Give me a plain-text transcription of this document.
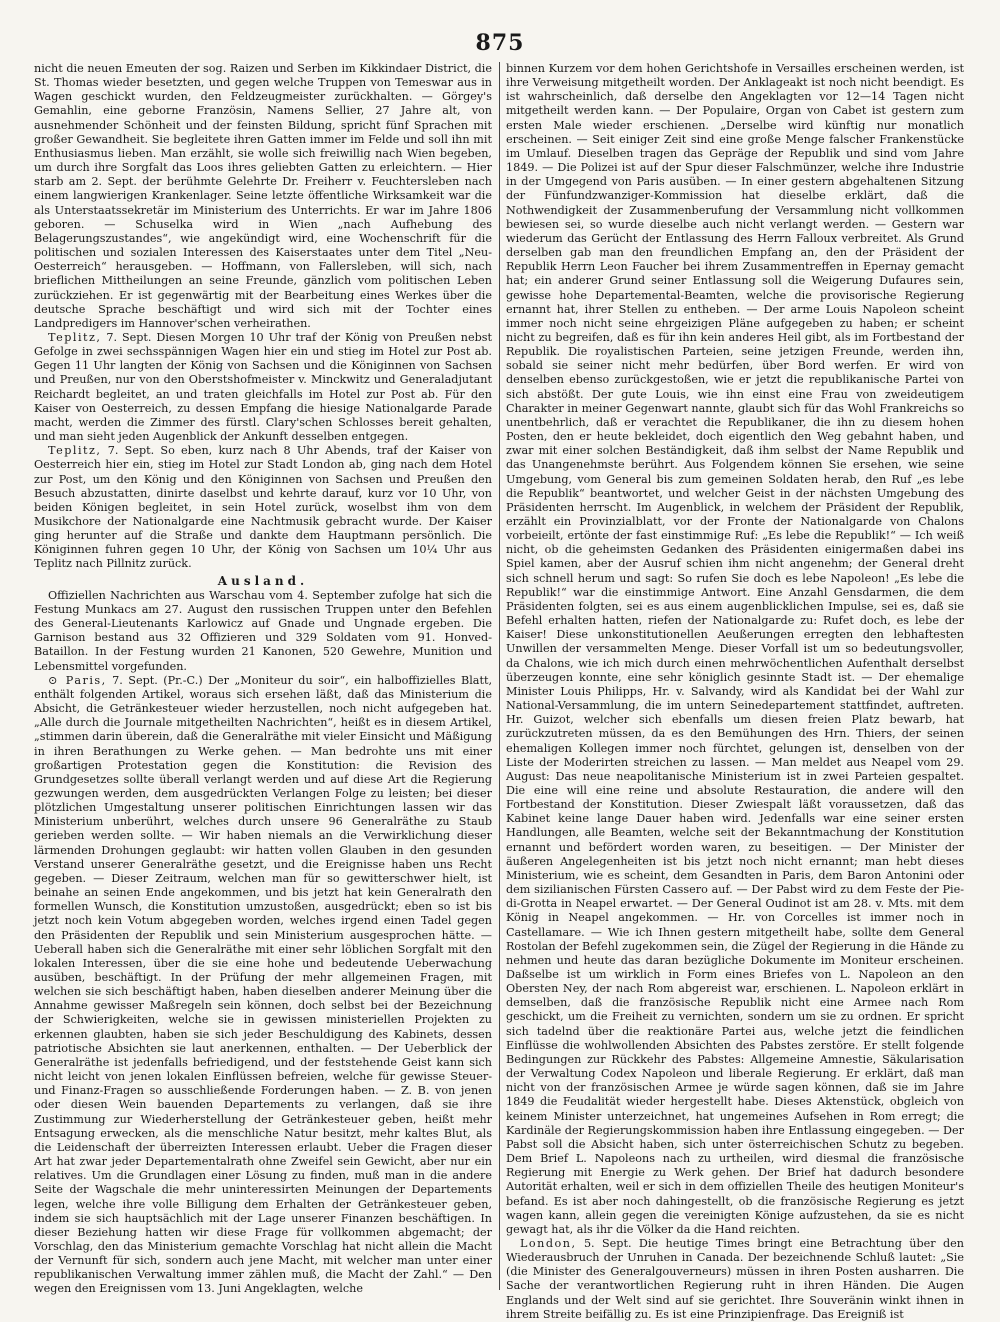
875

nicht die neuen Emeuten der sog. Raizen und Serben im Kikkindaer District, die St. Thomas wieder besetzten, und gegen welche Truppen von Temeswar aus in Wagen geschickt wurden, den Feldzeugmeister zurückhalten. — Görgey's Gemahlin, eine geborne Französin, Namens Sellier, 27 Jahre alt, von ausnehmender Schönheit und der feinsten Bildung, spricht fünf Sprachen mit großer Gewandheit. Sie begleitete ihren Gatten immer im Felde und soll ihn mit Enthusiasmus lieben. Man erzählt, sie wolle sich freiwillig nach Wien begeben, um durch ihre Sorgfalt das Loos ihres geliebten Gatten zu erleichtern. — Hier starb am 2. Sept. der berühmte Gelehrte Dr. Freiherr v. Feuchtersleben nach einem langwierigen Krankenlager. Seine letzte öffentliche Wirksamkeit war die als Unterstaatssekretär im Ministerium des Unterrichts. Er war im Jahre 1806 geboren. — Schuselka wird in Wien „nach Aufhebung des Belagerungszustandes“, wie angekündigt wird, eine Wochenschrift für die politischen und sozialen Interessen des Kaiserstaates unter dem Titel „Neu-Oesterreich“ herausgeben. — Hoffmann, von Fallersleben, will sich, nach brieflichen Mittheilungen an seine Freunde, gänzlich vom politischen Leben zurückziehen. Er ist gegenwärtig mit der Bearbeitung eines Werkes über die deutsche Sprache beschäftigt und wird sich mit der Tochter eines Landpredigers im Hannover'schen verheirathen.

Teplitz, 7. Sept. Diesen Morgen 10 Uhr traf der König von Preußen nebst Gefolge in zwei sechsspännigen Wagen hier ein und stieg im Hotel zur Post ab. Gegen 11 Uhr langten der König von Sachsen und die Königinnen von Sachsen und Preußen, nur von den Oberstshofmeister v. Minckwitz und Generaladjutant Reichardt begleitet, an und traten gleichfalls im Hotel zur Post ab. Für den Kaiser von Oesterreich, zu dessen Empfang die hiesige Nationalgarde Parade macht, werden die Zimmer des fürstl. Clary'schen Schlosses bereit gehalten, und man sieht jeden Augenblick der Ankunft desselben entgegen.

Teplitz, 7. Sept. So eben, kurz nach 8 Uhr Abends, traf der Kaiser von Oesterreich hier ein, stieg im Hotel zur Stadt London ab, ging nach dem Hotel zur Post, um den König und den Königinnen von Sachsen und Preußen den Besuch abzustatten, dinirte daselbst und kehrte darauf, kurz vor 10 Uhr, von beiden Königen begleitet, in sein Hotel zurück, woselbst ihm von dem Musikchore der Nationalgarde eine Nachtmusik gebracht wurde. Der Kaiser ging herunter auf die Straße und dankte dem Hauptmann persönlich. Die Königinnen fuhren gegen 10 Uhr, der König von Sachsen um 10¼ Uhr aus Teplitz nach Pillnitz zurück.

Ausland.

Offiziellen Nachrichten aus Warschau vom 4. September zufolge hat sich die Festung Munkacs am 27. August den russischen Truppen unter den Befehlen des General-Lieutenants Karlowicz auf Gnade und Ungnade ergeben. Die Garnison bestand aus 32 Offizieren und 329 Soldaten vom 91. Honved-Bataillon. In der Festung wurden 21 Kanonen, 520 Gewehre, Munition und Lebensmittel vorgefunden.

⊙ Paris, 7. Sept. (Pr.-C.) Der „Moniteur du soir“, ein halboffizielles Blatt, enthält folgenden Artikel, woraus sich ersehen läßt, daß das Ministerium die Absicht, die Getränkesteuer wieder herzustellen, noch nicht aufgegeben hat. „Alle durch die Journale mitgetheilten Nachrichten“, heißt es in diesem Artikel, „stimmen darin überein, daß die Generalräthe mit vieler Einsicht und Mäßigung in ihren Berathungen zu Werke gehen. — Man bedrohte uns mit einer großartigen Protestation gegen die Konstitution: die Revision des Grundgesetzes sollte überall verlangt werden und auf diese Art die Regierung gezwungen werden, dem ausgedrückten Verlangen Folge zu leisten; bei dieser plötzlichen Umgestaltung unserer politischen Einrichtungen lassen wir das Ministerium unberührt, welches durch unsere 96 Generalräthe zu Staub gerieben werden sollte. — Wir haben niemals an die Verwirklichung dieser lärmenden Drohungen geglaubt: wir hatten vollen Glauben in den gesunden Verstand unserer Generalräthe gesetzt, und die Ereignisse haben uns Recht gegeben. — Dieser Zeitraum, welchen man für so gewitterschwer hielt, ist beinahe an seinen Ende angekommen, und bis jetzt hat kein Generalrath den formellen Wunsch, die Konstitution umzustoßen, ausgedrückt; eben so ist bis jetzt noch kein Votum abgegeben worden, welches irgend einen Tadel gegen den Präsidenten der Republik und sein Ministerium ausgesprochen hätte. — Ueberall haben sich die Generalräthe mit einer sehr löblichen Sorgfalt mit den lokalen Interessen, über die sie eine hohe und bedeutende Ueberwachung ausüben, beschäftigt. In der Prüfung der mehr allgemeinen Fragen, mit welchen sie sich beschäftigt haben, haben dieselben anderer Meinung über die Annahme gewisser Maßregeln sein können, doch selbst bei der Bezeichnung der Schwierigkeiten, welche sie in gewissen ministeriellen Projekten zu erkennen glaubten, haben sie sich jeder Beschuldigung des Kabinets, dessen patriotische Absichten sie laut anerkennen, enthalten. — Der Ueberblick der Generalräthe ist jedenfalls befriedigend, und der feststehende Geist kann sich nicht leicht von jenen lokalen Einflüssen befreien, welche für gewisse Steuer- und Finanz-Fragen so ausschließende Forderungen haben. — Z. B. von jenen oder diesen Wein bauenden Departements zu verlangen, daß sie ihre Zustimmung zur Wiederherstellung der Getränkesteuer geben, heißt mehr Entsagung erwecken, als die menschliche Natur besitzt, mehr kaltes Blut, als die Leidenschaft der überreizten Interessen erlaubt. Ueber die Fragen dieser Art hat zwar jeder Departementalrath ohne Zweifel sein Gewicht, aber nur ein relatives. Um die Grundlagen einer Lösung zu finden, muß man in die andere Seite der Wagschale die mehr uninteressirten Meinungen der Departements legen, welche ihre volle Billigung dem Erhalten der Getränkesteuer geben, indem sie sich hauptsächlich mit der Lage unserer Finanzen beschäftigen. In dieser Beziehung hatten wir diese Frage für vollkommen abgemacht; der Vorschlag, den das Ministerium gemachte Vorschlag hat nicht allein die Macht der Vernunft für sich, sondern auch jene Macht, mit welcher man unter einer republikanischen Verwaltung immer zählen muß, die Macht der Zahl.“ — Den wegen den Ereignissen vom 13. Juni Angeklagten, welche

binnen Kurzem vor dem hohen Gerichtshofe in Versailles erscheinen werden, ist ihre Verweisung mitgetheilt worden. Der Anklageakt ist noch nicht beendigt. Es ist wahrscheinlich, daß derselbe den Angeklagten vor 12—14 Tagen nicht mitgetheilt werden kann. — Der Populaire, Organ von Cabet ist gestern zum ersten Male wieder erschienen. „Derselbe wird künftig nur monatlich erscheinen. — Seit einiger Zeit sind eine große Menge falscher Frankenstücke im Umlauf. Dieselben tragen das Gepräge der Republik und sind vom Jahre 1849. — Die Polizei ist auf der Spur dieser Falschmünzer, welche ihre Industrie in der Umgegend von Paris ausüben. — In einer gestern abgehaltenen Sitzung der Fünfundzwanziger-Kommission hat dieselbe erklärt, daß die Nothwendigkeit der Zusammenberufung der Versammlung nicht vollkommen bewiesen sei, so wurde dieselbe auch nicht verlangt werden. — Gestern war wiederum das Gerücht der Entlassung des Herrn Falloux verbreitet. Als Grund derselben gab man den freundlichen Empfang an, den der Präsident der Republik Herrn Leon Faucher bei ihrem Zusammentreffen in Epernay gemacht hat; ein anderer Grund seiner Entlassung soll die Weigerung Dufaures sein, gewisse hohe Departemental-Beamten, welche die provisorische Regierung ernannt hat, ihrer Stellen zu entheben. — Der arme Louis Napoleon scheint immer noch nicht seine ehrgeizigen Pläne aufgegeben zu haben; er scheint nicht zu begreifen, daß es für ihn kein anderes Heil gibt, als im Fortbestand der Republik. Die royalistischen Parteien, seine jetzigen Freunde, werden ihn, sobald sie seiner nicht mehr bedürfen, über Bord werfen. Er wird von denselben ebenso zurückgestoßen, wie er jetzt die republikanische Partei von sich abstößt. Der gute Louis, wie ihn einst eine Frau von zweideutigem Charakter in meiner Gegenwart nannte, glaubt sich für das Wohl Frankreichs so unentbehrlich, daß er verachtet die Republikaner, die ihn zu diesem hohen Posten, den er heute bekleidet, doch eigentlich den Weg gebahnt haben, und zwar mit einer solchen Beständigkeit, daß ihm selbst der Name Republik und das Unangenehmste berührt. Aus Folgendem können Sie ersehen, wie seine Umgebung, vom General bis zum gemeinen Soldaten herab, den Ruf „es lebe die Republik“ beantwortet, und welcher Geist in der nächsten Umgebung des Präsidenten herrscht. Im Augenblick, in welchem der Präsident der Republik, erzählt ein Provinzialblatt, vor der Fronte der Nationalgarde von Chalons vorbeieilt, ertönte der fast einstimmige Ruf: „Es lebe die Republik!“ — Ich weiß nicht, ob die geheimsten Gedanken des Präsidenten einigermaßen dabei ins Spiel kamen, aber der Ausruf schien ihm nicht angenehm; der General dreht sich schnell herum und sagt: So rufen Sie doch es lebe Napoleon! „Es lebe die Republik!“ war die einstimmige Antwort. Eine Anzahl Gensdarmen, die dem Präsidenten folgten, sei es aus einem augenblicklichen Impulse, sei es, daß sie Befehl erhalten hatten, riefen der Nationalgarde zu: Rufet doch, es lebe der Kaiser! Diese unkonstitutionellen Aeußerungen erregten den lebhaftesten Unwillen der versammelten Menge. Dieser Vorfall ist um so bedeutungsvoller, da Chalons, wie ich mich durch einen mehrwöchentlichen Aufenthalt derselbst überzeugen konnte, eine sehr königlich gesinnte Stadt ist. — Der ehemalige Minister Louis Philipps, Hr. v. Salvandy, wird als Kandidat bei der Wahl zur National-Versammlung, die im untern Seinedepartement stattfindet, auftreten. Hr. Guizot, welcher sich ebenfalls um diesen freien Platz bewarb, hat zurückzutreten müssen, da es den Bemühungen des Hrn. Thiers, der seinen ehemaligen Kollegen immer noch fürchtet, gelungen ist, denselben von der Liste der Moderirten streichen zu lassen. — Man meldet aus Neapel vom 29. August: Das neue neapolitanische Ministerium ist in zwei Parteien gespaltet. Die eine will eine reine und absolute Restauration, die andere will den Fortbestand der Konstitution. Dieser Zwiespalt läßt voraussetzen, daß das Kabinet keine lange Dauer haben wird. Jedenfalls war eine seiner ersten Handlungen, alle Beamten, welche seit der Bekanntmachung der Konstitution ernannt und befördert worden waren, zu beseitigen. — Der Minister der äußeren Angelegenheiten ist bis jetzt noch nicht ernannt; man hebt dieses Ministerium, wie es scheint, dem Gesandten in Paris, dem Baron Antonini oder dem sizilianischen Fürsten Cassero auf. — Der Pabst wird zu dem Feste der Pie-di-Grotta in Neapel erwartet. — Der General Oudinot ist am 28. v. Mts. mit dem König in Neapel angekommen. — Hr. von Corcelles ist immer noch in Castellamare. — Wie ich Ihnen gestern mitgetheilt habe, sollte dem General Rostolan der Befehl zugekommen sein, die Zügel der Regierung in die Hände zu nehmen und heute das daran bezügliche Dokumente im Moniteur erscheinen. Daßselbe ist um wirklich in Form eines Briefes von L. Napoleon an den Obersten Ney, der nach Rom abgereist war, erschienen. L. Napoleon erklärt in demselben, daß die französische Republik nicht eine Armee nach Rom geschickt, um die Freiheit zu vernichten, sondern um sie zu ordnen. Er spricht sich tadelnd über die reaktionäre Partei aus, welche jetzt die feindlichen Einflüsse die wohlwollenden Absichten des Pabstes zerstöre. Er stellt folgende Bedingungen zur Rückkehr des Pabstes: Allgemeine Amnestie, Säkularisation der Verwaltung Codex Napoleon und liberale Regierung. Er erklärt, daß man nicht von der französischen Armee je würde sagen können, daß sie im Jahre 1849 die Feudalität wieder hergestellt habe. Dieses Aktenstück, obgleich von keinem Minister unterzeichnet, hat ungemeines Aufsehen in Rom erregt; die Kardinäle der Regierungskommission haben ihre Entlassung eingegeben. — Der Pabst soll die Absicht haben, sich unter österreichischen Schutz zu begeben. Dem Brief L. Napoleons nach zu urtheilen, wird diesmal die französische Regierung mit Energie zu Werk gehen. Der Brief hat dadurch besondere Autorität erhalten, weil er sich in dem offiziellen Theile des heutigen Moniteur's befand. Es ist aber noch dahingestellt, ob die französische Regierung es jetzt wagen kann, allein gegen die vereinigten Könige aufzustehen, da sie es nicht gewagt hat, als ihr die Völker da die Hand reichten.

London, 5. Sept. Die heutige Times bringt eine Betrachtung über den Wiederausbruch der Unruhen in Canada. Der bezeichnende Schluß lautet: „Sie (die Minister des Generalgouverneurs) müssen in ihren Posten ausharren. Die Sache der verantwortlichen Regierung ruht in ihren Händen. Die Augen Englands und der Welt sind auf sie gerichtet. Ihre Souveränin winkt ihnen in ihrem Streite beifällig zu. Es ist eine Prinzipienfrage. Das Ereigniß ist
